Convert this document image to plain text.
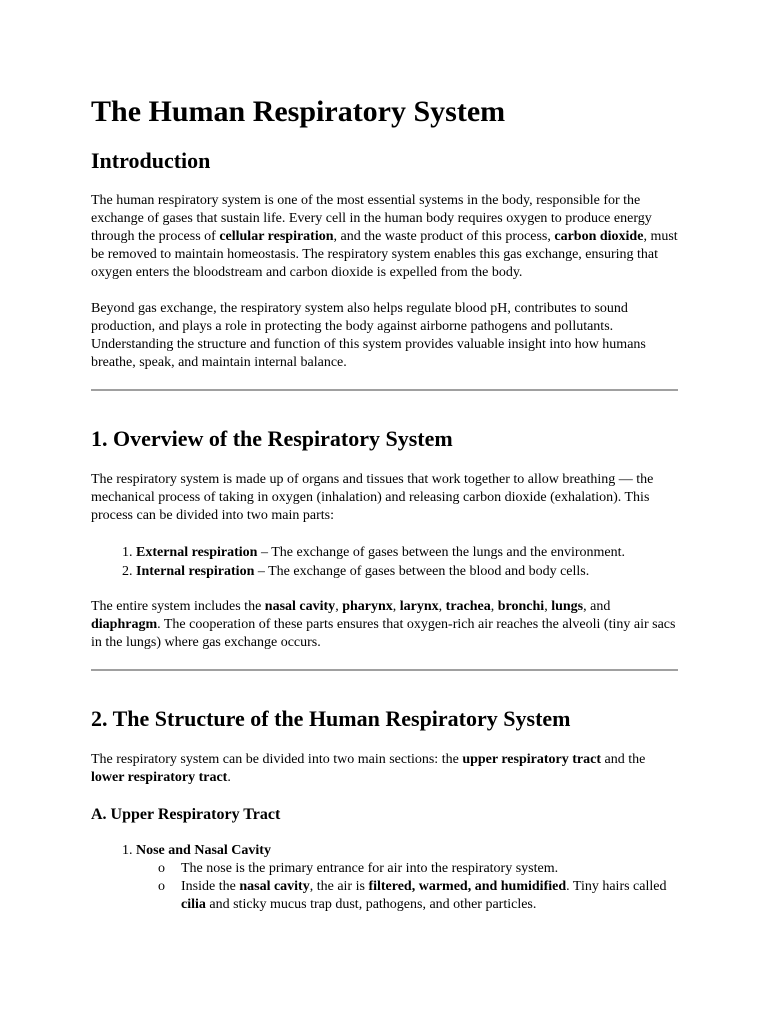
The Human Respiratory System
Introduction

The human respiratory system is one of the most essential systems in the body, responsible for the exchange of gases that sustain life. Every cell in the human body requires oxygen to produce energy through the process of cellular respiration, and the waste product of this process, carbon dioxide, must be removed to maintain homeostasis. The respiratory system enables this gas exchange, ensuring that oxygen enters the bloodstream and carbon dioxide is expelled from the body.

Beyond gas exchange, the respiratory system also helps regulate blood pH, contributes to sound production, and plays a role in protecting the body against airborne pathogens and pollutants. Understanding the structure and function of this system provides valuable insight into how humans breathe, speak, and maintain internal balance.

1. Overview of the Respiratory System

The respiratory system is made up of organs and tissues that work together to allow breathing — the mechanical process of taking in oxygen (inhalation) and releasing carbon dioxide (exhalation). This process can be divided into two main parts:

1. External respiration – The exchange of gases between the lungs and the environment.
2. Internal respiration – The exchange of gases between the blood and body cells.

The entire system includes the nasal cavity, pharynx, larynx, trachea, bronchi, lungs, and diaphragm. The cooperation of these parts ensures that oxygen-rich air reaches the alveoli (tiny air sacs in the lungs) where gas exchange occurs.

2. The Structure of the Human Respiratory System

The respiratory system can be divided into two main sections: the upper respiratory tract and the lower respiratory tract.

A. Upper Respiratory Tract
1. Nose and Nasal Cavity
o The nose is the primary entrance for air into the respiratory system.
o Inside the nasal cavity, the air is filtered, warmed, and humidified. Tiny hairs called cilia and sticky mucus trap dust, pathogens, and other particles.
